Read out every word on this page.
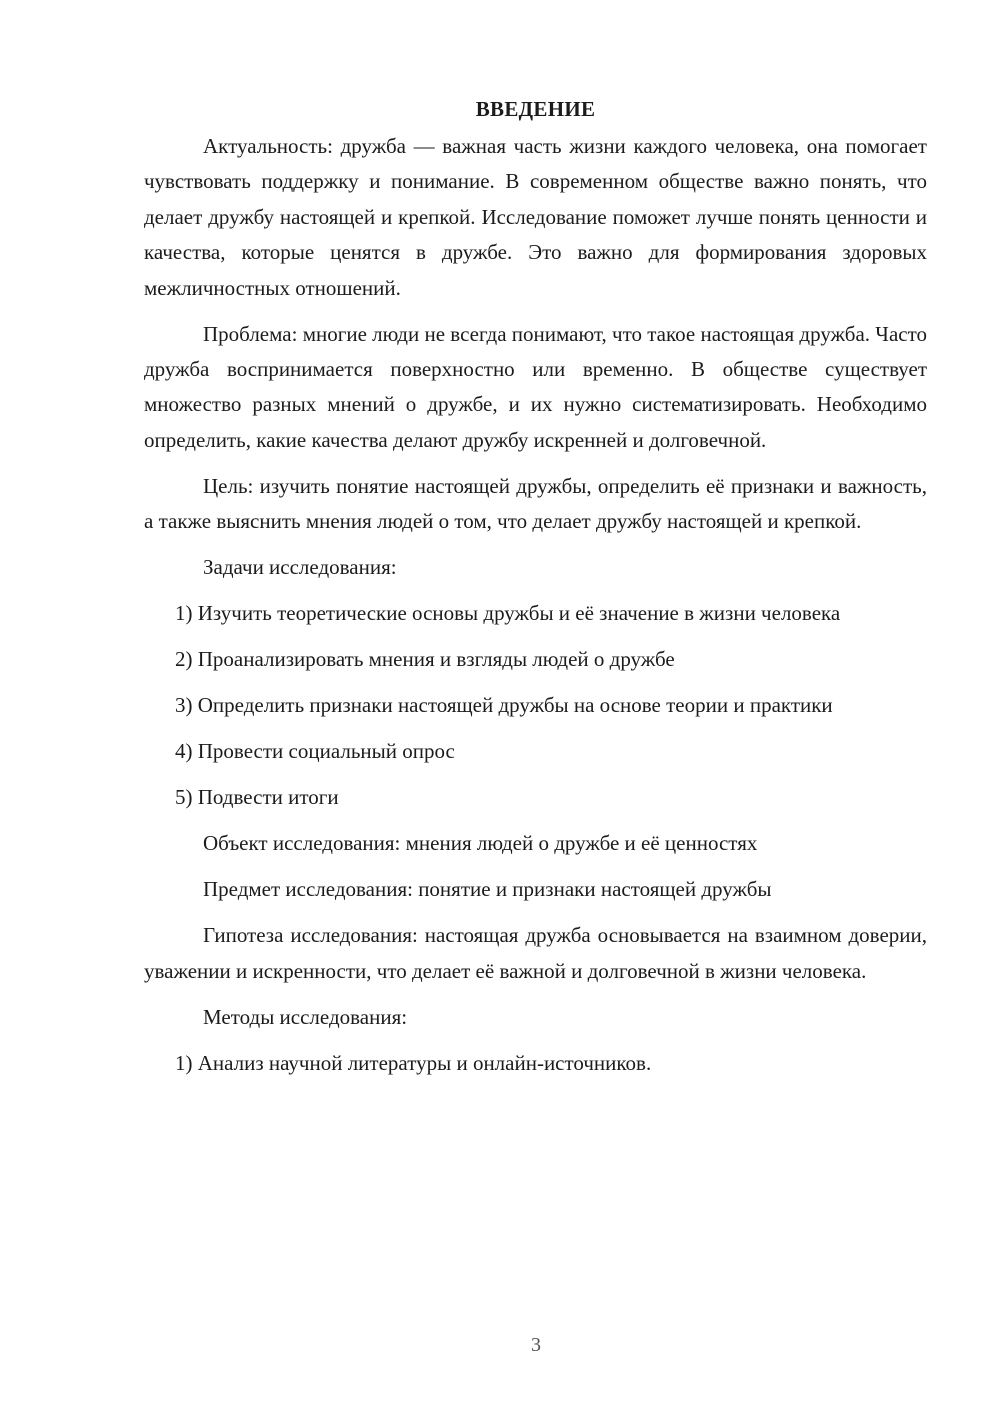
ВВЕДЕНИЕ

Актуальность: дружба — важная часть жизни каждого человека, она помогает чувствовать поддержку и понимание. В современном обществе важно понять, что делает дружбу настоящей и крепкой. Исследование поможет лучше понять ценности и качества, которые ценятся в дружбе. Это важно для формирования здоровых межличностных отношений.

Проблема: многие люди не всегда понимают, что такое настоящая дружба. Часто дружба воспринимается поверхностно или временно. В обществе существует множество разных мнений о дружбе, и их нужно систематизировать. Необходимо определить, какие качества делают дружбу искренней и долговечной.

Цель: изучить понятие настоящей дружбы, определить её признаки и важность, а также выяснить мнения людей о том, что делает дружбу настоящей и крепкой.

Задачи исследования:

1) Изучить теоретические основы дружбы и её значение в жизни человека

2) Проанализировать мнения и взгляды людей о дружбе

3) Определить признаки настоящей дружбы на основе теории и практики

4) Провести социальный опрос

5) Подвести итоги

Объект исследования: мнения людей о дружбе и её ценностях

Предмет исследования: понятие и признаки настоящей дружбы

Гипотеза исследования: настоящая дружба основывается на взаимном доверии, уважении и искренности, что делает её важной и долговечной в жизни человека.

Методы исследования:

1) Анализ научной литературы и онлайн-источников.

3
